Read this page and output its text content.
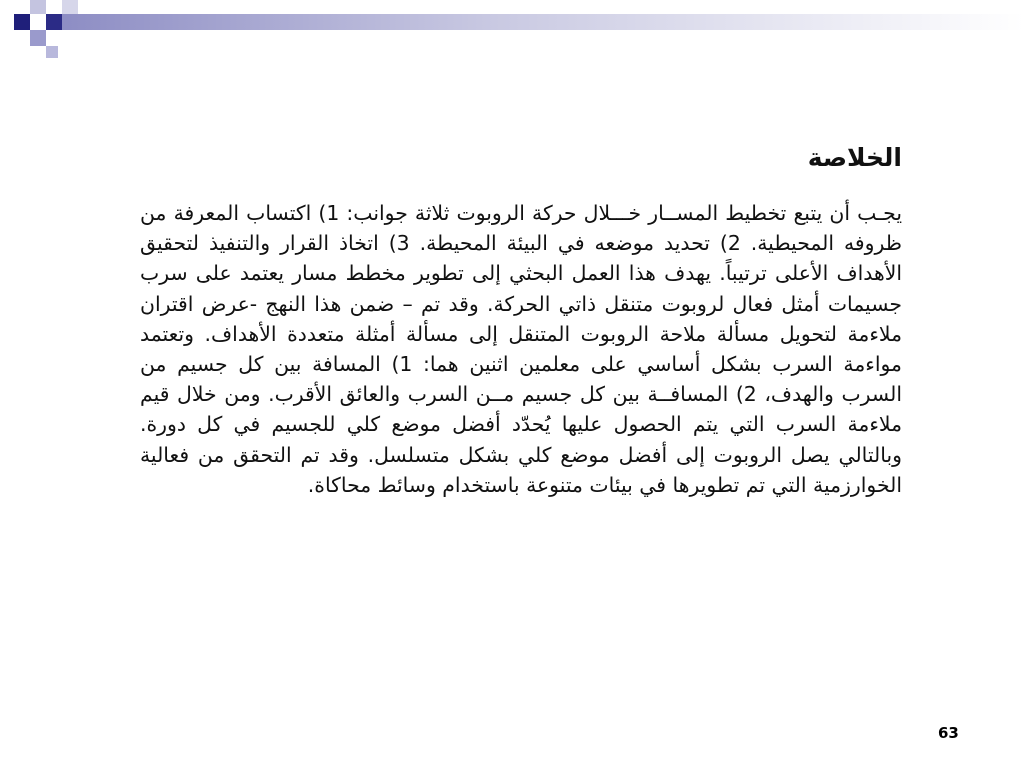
الخلاصة

يجـب أن يتبع تخطيط المســار خـــلال حركة الروبوت ثلاثة جوانب: 1) اكتساب المعرفة من ظروفه المحيطية. 2) تحديد موضعه في البيئة المحيطة. 3) اتخاذ القرار والتنفيذ لتحقيق الأهداف الأعلى ترتيباً. يهدف هذا العمل البحثي إلى تطوير مخطط مسار يعتمد على سرب جسيمات أمثل فعال لروبوت متنقل ذاتي الحركة. وقد تم – ضمن هذا النهج -عرض اقتران ملاءمة لتحويل مسألة ملاحة الروبوت المتنقل إلى مسألة أمثلة متعددة الأهداف. وتعتمد مواءمة السرب بشكل أساسي على معلمين اثنين هما: 1) المسافة بين كل جسيم من السرب والهدف، 2) المسافــة بين كل جسيم مــن السرب والعائق الأقرب. ومن خلال قيم ملاءمة السرب التي يتم الحصول عليها يُحدّد أفضل موضع كلي للجسيم في كل دورة. وبالتالي يصل الروبوت إلى أفضل موضع كلي بشكل متسلسل. وقد تم التحقق من فعالية الخوارزمية التي تم تطويرها في بيئات متنوعة باستخدام وسائط محاكاة.

63
